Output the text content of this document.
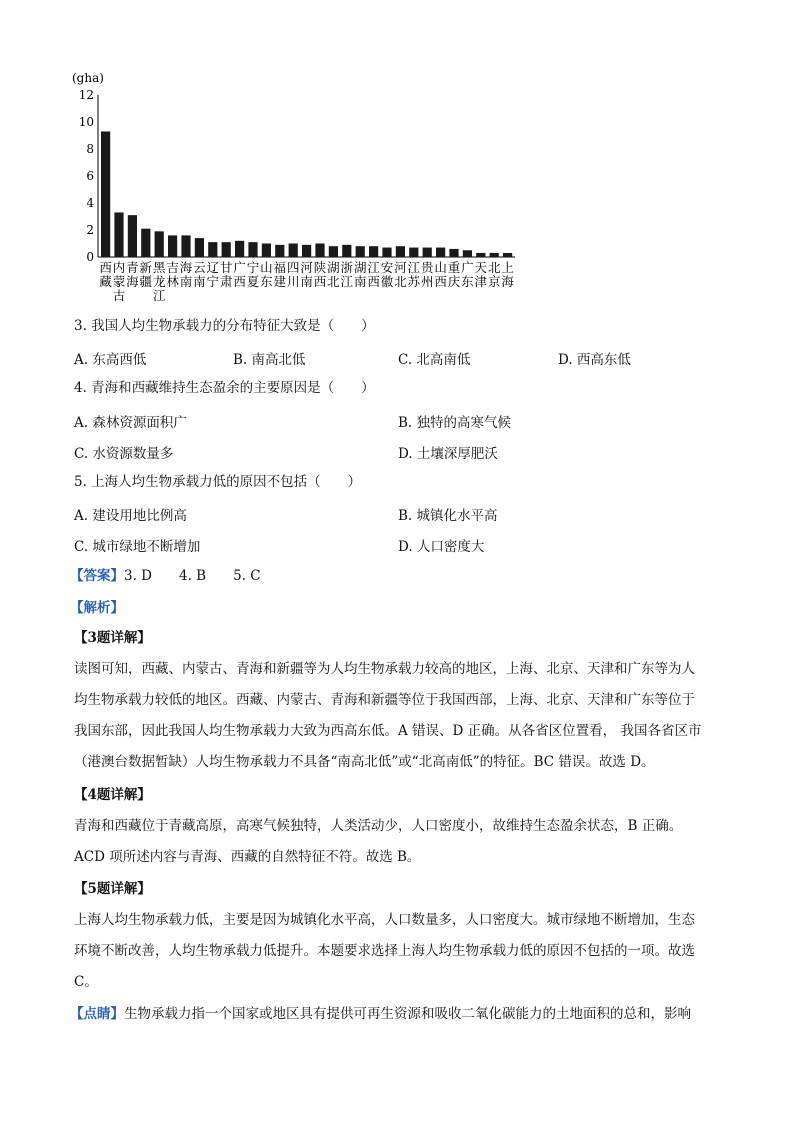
(gha)
0
2
4
6
8
10
12
西
藏
内
蒙
古
青
海
新
疆
黑
龙
江
吉
林
海
南
云
南
辽
宁
甘
肃
广
西
宁
夏
山
东
福
建
四
川
河
南
陕
西
湖
北
浙
江
湖
南
江
西
安
徽
河
北
江
苏
贵
州
山
西
重
庆
广
东
天
津
北
京
上
海
3. 我国人均生物承载力的分布特征大致是（　　）
A. 东高西低	B. 南高北低	C. 北高南低	D. 西高东低
4. 青海和西藏维持生态盈余的主要原因是（　　）
A. 森林资源面积广	B. 独特的高寒气候
C. 水资源数量多	D. 土壤深厚肥沃
5. 上海人均生物承载力低的原因不包括（　　）
A. 建设用地比例高	B. 城镇化水平高
C. 城市绿地不断增加	D. 人口密度大
【答案】3. D　　4. B　　5. C
【解析】
【3题详解】
读图可知，西藏、内蒙古、青海和新疆等为人均生物承载力较高的地区，上海、北京、天津和广东等为人
均生物承载力较低的地区。西藏、内蒙古、青海和新疆等位于我国西部，上海、北京、天津和广东等位于
我国东部，因此我国人均生物承载力大致为西高东低。A 错误、D 正确。从各省区位置看， 我国各省区市
（港澳台数据暂缺）人均生物承载力不具备“南高北低”或“北高南低”的特征。BC 错误。故选 D。
【4题详解】
青海和西藏位于青藏高原，高寒气候独特，人类活动少，人口密度小，故维持生态盈余状态，B 正确。
ACD 项所述内容与青海、西藏的自然特征不符。故选 B。
【5题详解】
上海人均生物承载力低，主要是因为城镇化水平高，人口数量多，人口密度大。城市绿地不断增加，生态
环境不断改善，人均生物承载力低提升。本题要求选择上海人均生物承载力低的原因不包括的一项。故选
C。
【点睛】生物承载力指一个国家或地区具有提供可再生资源和吸收二氧化碳能力的土地面积的总和，影响
